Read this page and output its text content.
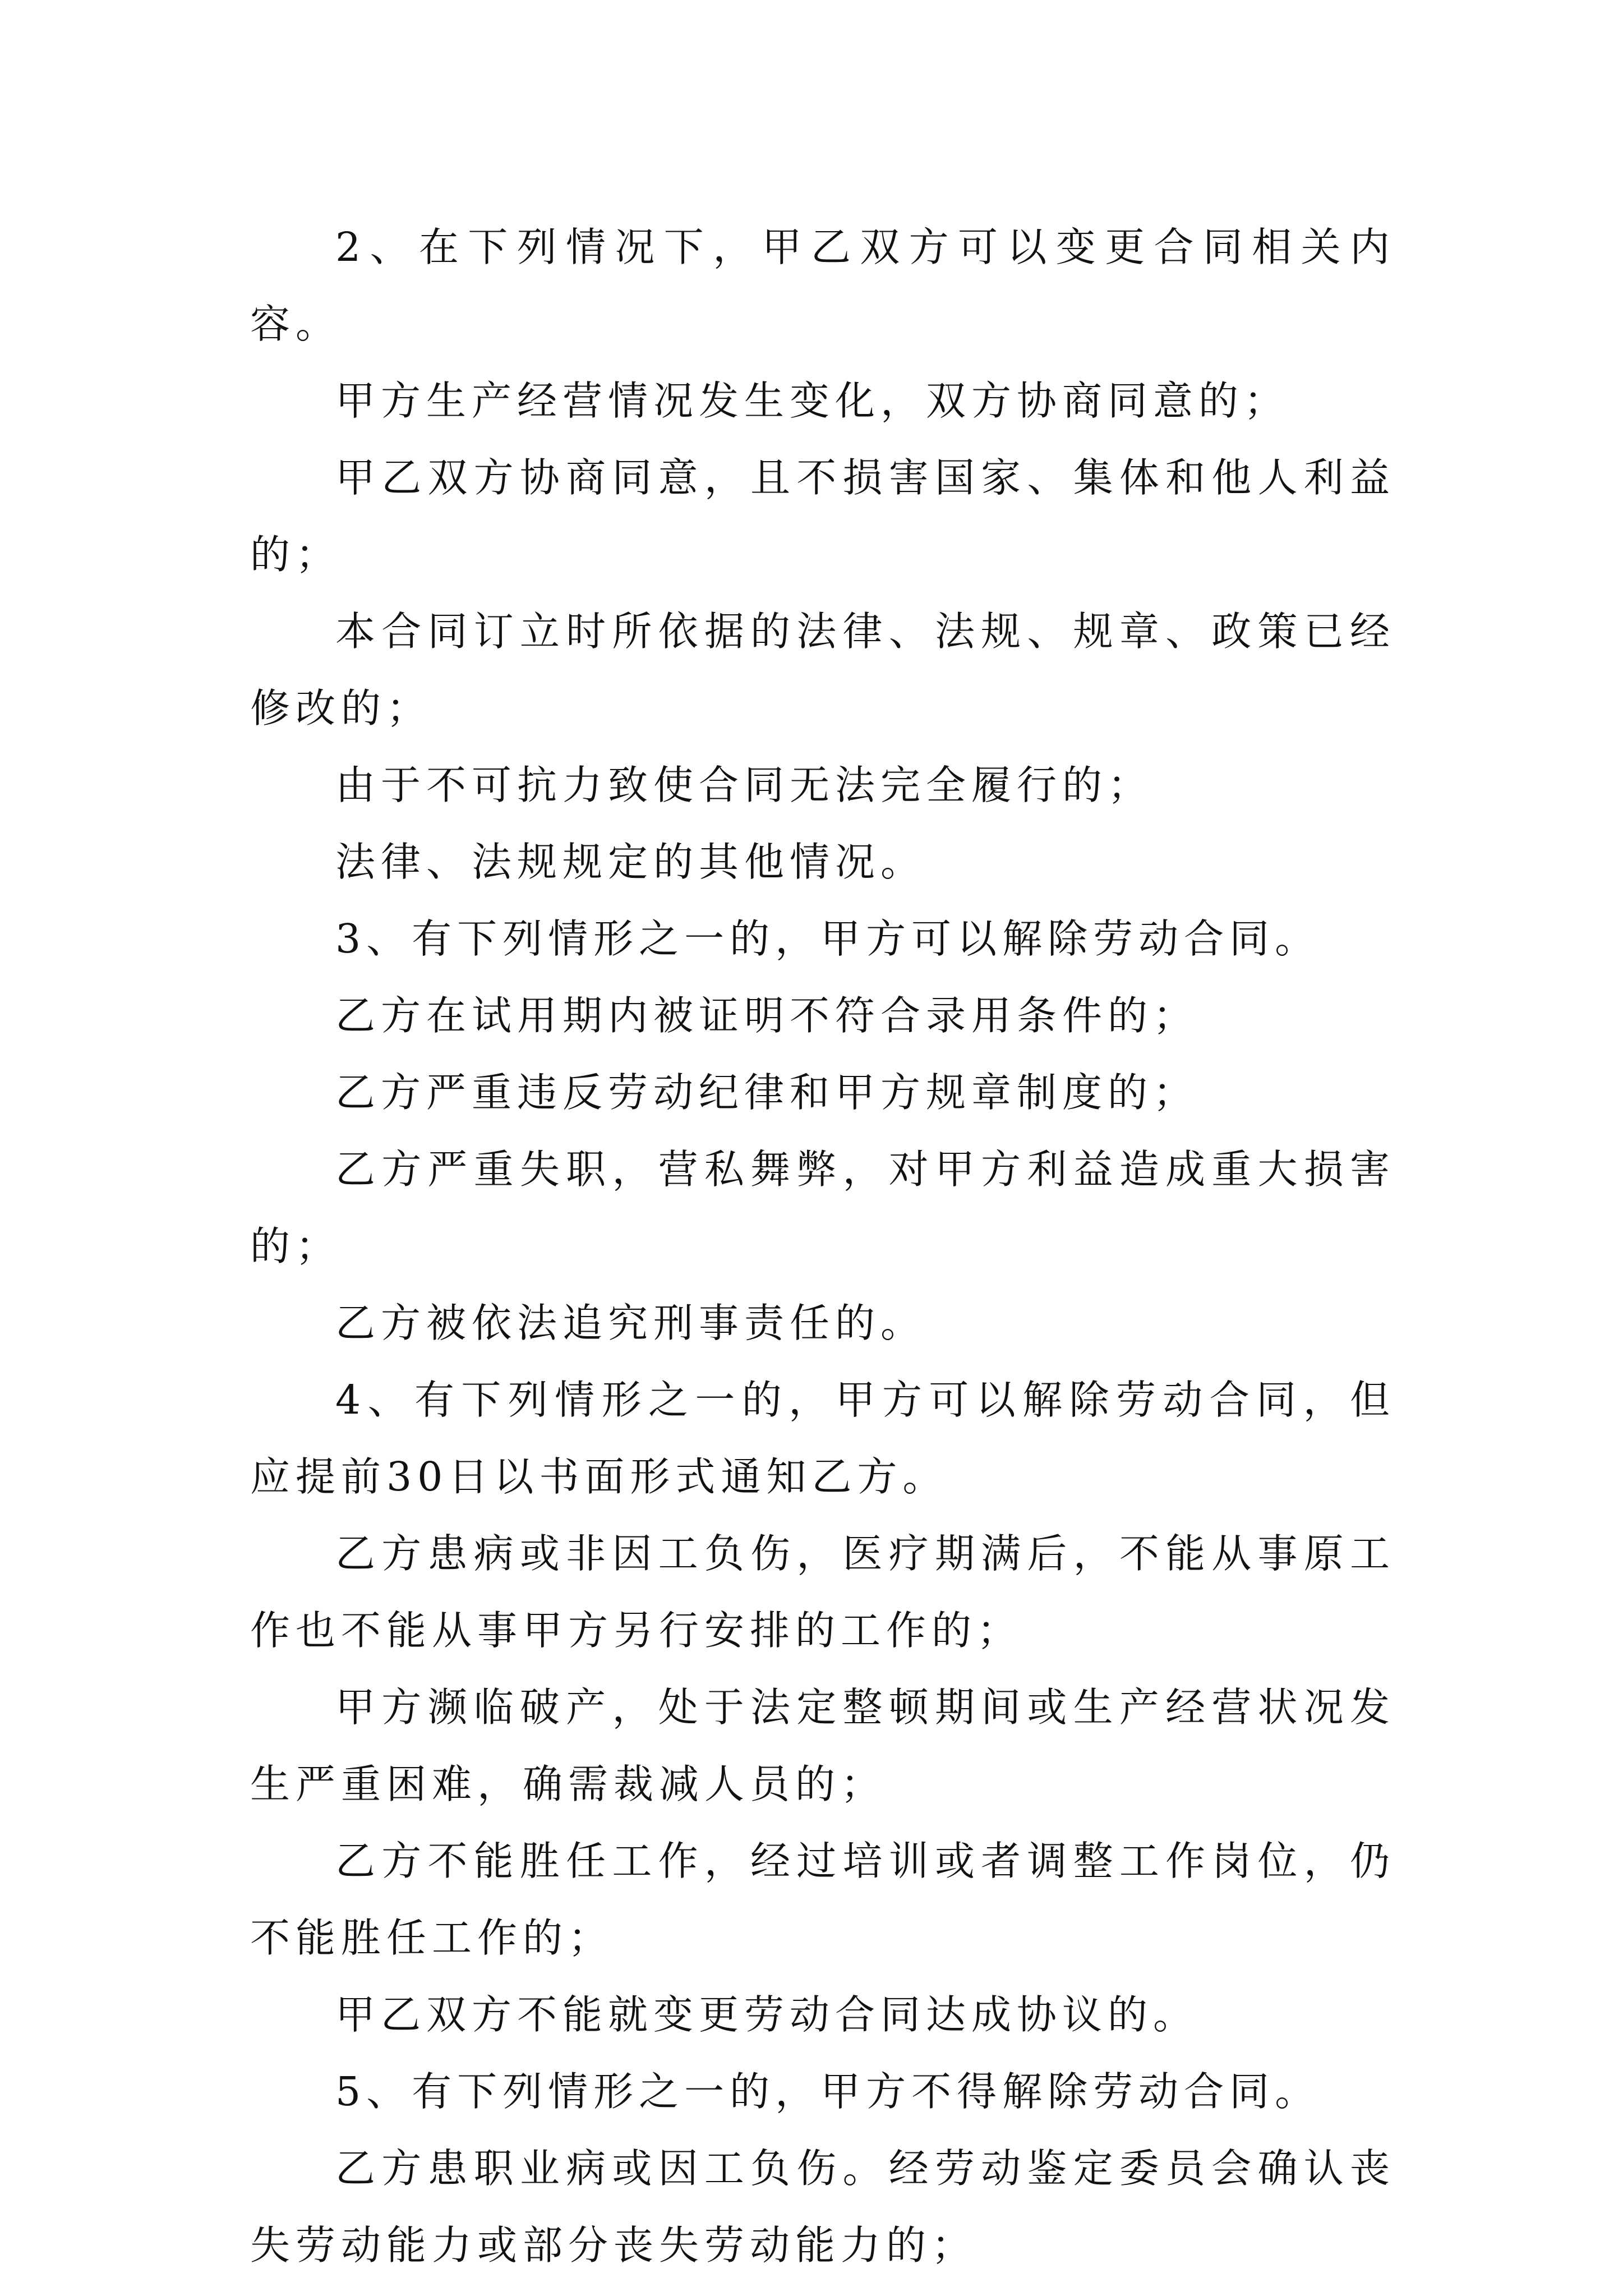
2、在下列情况下，甲乙双方可以变更合同相关内容。

甲方生产经营情况发生变化，双方协商同意的；

甲乙双方协商同意，且不损害国家、集体和他人利益的；

本合同订立时所依据的法律、法规、规章、政策已经修改的；

由于不可抗力致使合同无法完全履行的；

法律、法规规定的其他情况。

3、有下列情形之一的，甲方可以解除劳动合同。

乙方在试用期内被证明不符合录用条件的；

乙方严重违反劳动纪律和甲方规章制度的；

乙方严重失职，营私舞弊，对甲方利益造成重大损害的；

乙方被依法追究刑事责任的。

4、有下列情形之一的，甲方可以解除劳动合同，但应提前30日以书面形式通知乙方。

乙方患病或非因工负伤，医疗期满后，不能从事原工作也不能从事甲方另行安排的工作的；

甲方濒临破产，处于法定整顿期间或生产经营状况发生严重困难，确需裁减人员的；

乙方不能胜任工作，经过培训或者调整工作岗位，仍不能胜任工作的；

甲乙双方不能就变更劳动合同达成协议的。

5、有下列情形之一的，甲方不得解除劳动合同。

乙方患职业病或因工负伤。经劳动鉴定委员会确认丧失劳动能力或部分丧失劳动能力的；
